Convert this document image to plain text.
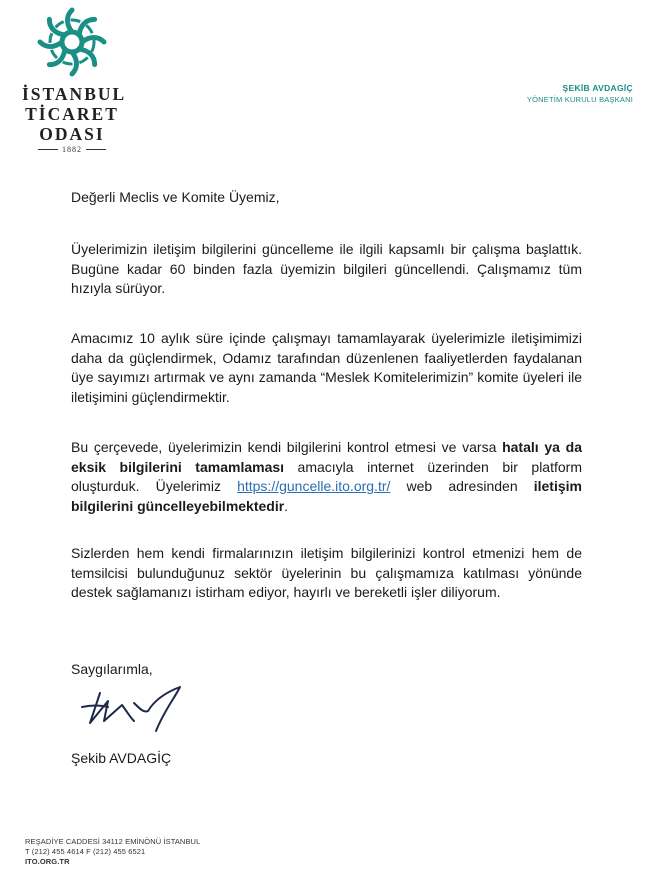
İSTANBUL
TİCARET
ODASI
1882
ŞEKİB AVDAGİÇ
YÖNETİM KURULU BAŞKANI
Değerli Meclis ve Komite Üyemiz,
Üyelerimizin iletişim bilgilerini güncelleme ile ilgili kapsamlı bir çalışma başlattık. Bugüne kadar 60 binden fazla üyemizin bilgileri güncellendi. Çalışmamız tüm hızıyla sürüyor.
Amacımız 10 aylık süre içinde çalışmayı tamamlayarak üyelerimizle iletişimimizi daha da güçlendirmek, Odamız tarafından düzenlenen faaliyetlerden faydalanan üye sayımızı artırmak ve aynı zamanda “Meslek Komitelerimizin” komite üyeleri ile iletişimini güçlendirmektir.
Bu çerçevede, üyelerimizin kendi bilgilerini kontrol etmesi ve varsa hatalı ya da eksik bilgilerini tamamlaması amacıyla internet üzerinden bir platform oluşturduk. Üyelerimiz https://guncelle.ito.org.tr/ web adresinden iletişim bilgilerini güncelleyebilmektedir.
Sizlerden hem kendi firmalarınızın iletişim bilgilerinizi kontrol etmenizi hem de temsilcisi bulunduğunuz sektör üyelerinin bu çalışmamıza katılması yönünde destek sağlamanızı istirham ediyor, hayırlı ve bereketli işler diliyorum.
Saygılarımla,
Şekib AVDAGİÇ
REŞADİYE CADDESİ 34112 EMİNÖNÜ İSTANBUL
T (212) 455 4614 F (212) 455 6521
ITO.ORG.TR
